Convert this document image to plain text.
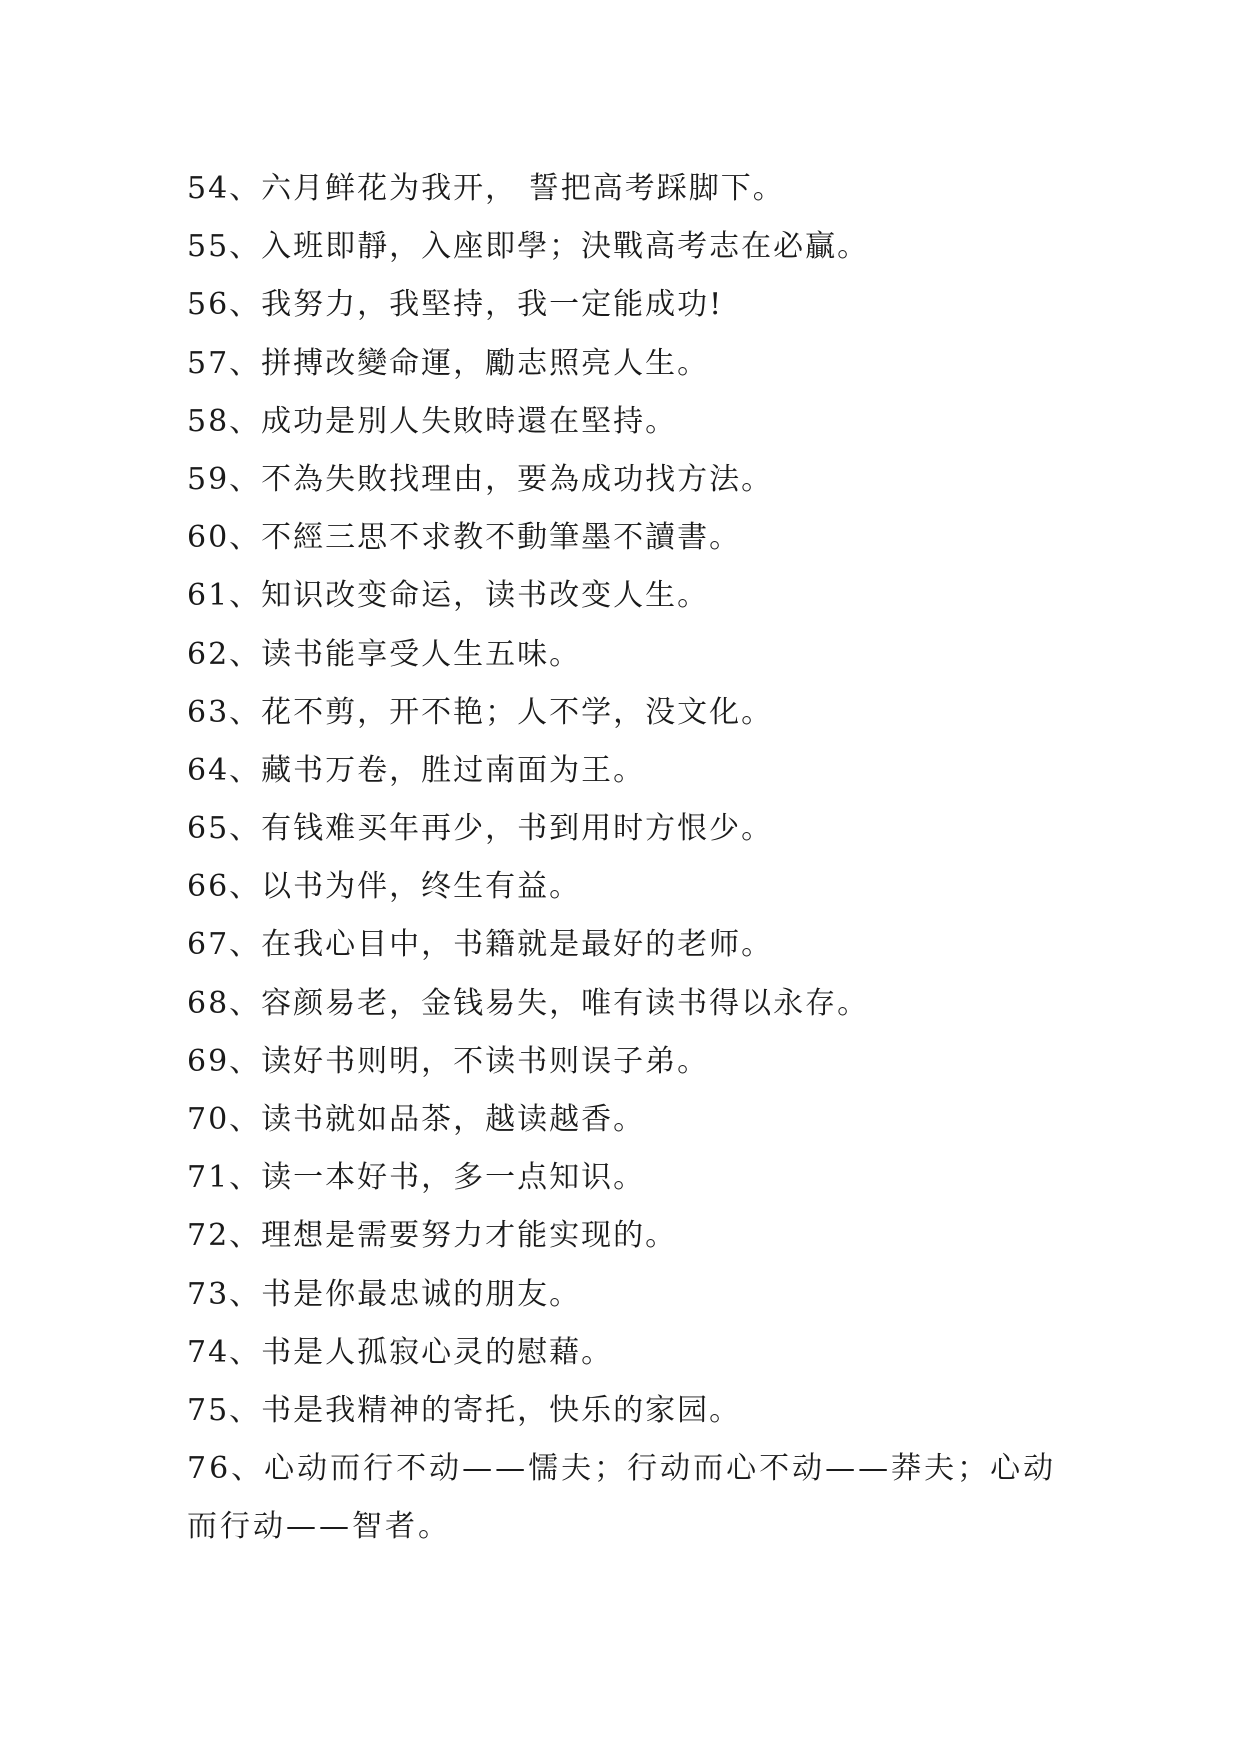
54、六月鲜花为我开， 誓把高考踩脚下。
55、入班即靜，入座即學；決戰高考志在必贏。
56、我努力，我堅持，我一定能成功!
57、拼搏改變命運，勵志照亮人生。
58、成功是別人失敗時還在堅持。
59、不為失敗找理由，要為成功找方法。
60、不經三思不求教不動筆墨不讀書。
61、知识改变命运，读书改变人生。
62、读书能享受人生五味。
63、花不剪，开不艳；人不学，没文化。
64、藏书万卷，胜过南面为王。
65、有钱难买年再少，书到用时方恨少。
66、以书为伴，终生有益。
67、在我心目中，书籍就是最好的老师。
68、容颜易老，金钱易失，唯有读书得以永存。
69、读好书则明，不读书则误子弟。
70、读书就如品茶，越读越香。
71、读一本好书，多一点知识。
72、理想是需要努力才能实现的。
73、书是你最忠诚的朋友。
74、书是人孤寂心灵的慰藉。
75、书是我精神的寄托，快乐的家园。
76、心动而行不动——懦夫；行动而心不动——莽夫；心动而行动——智者。
